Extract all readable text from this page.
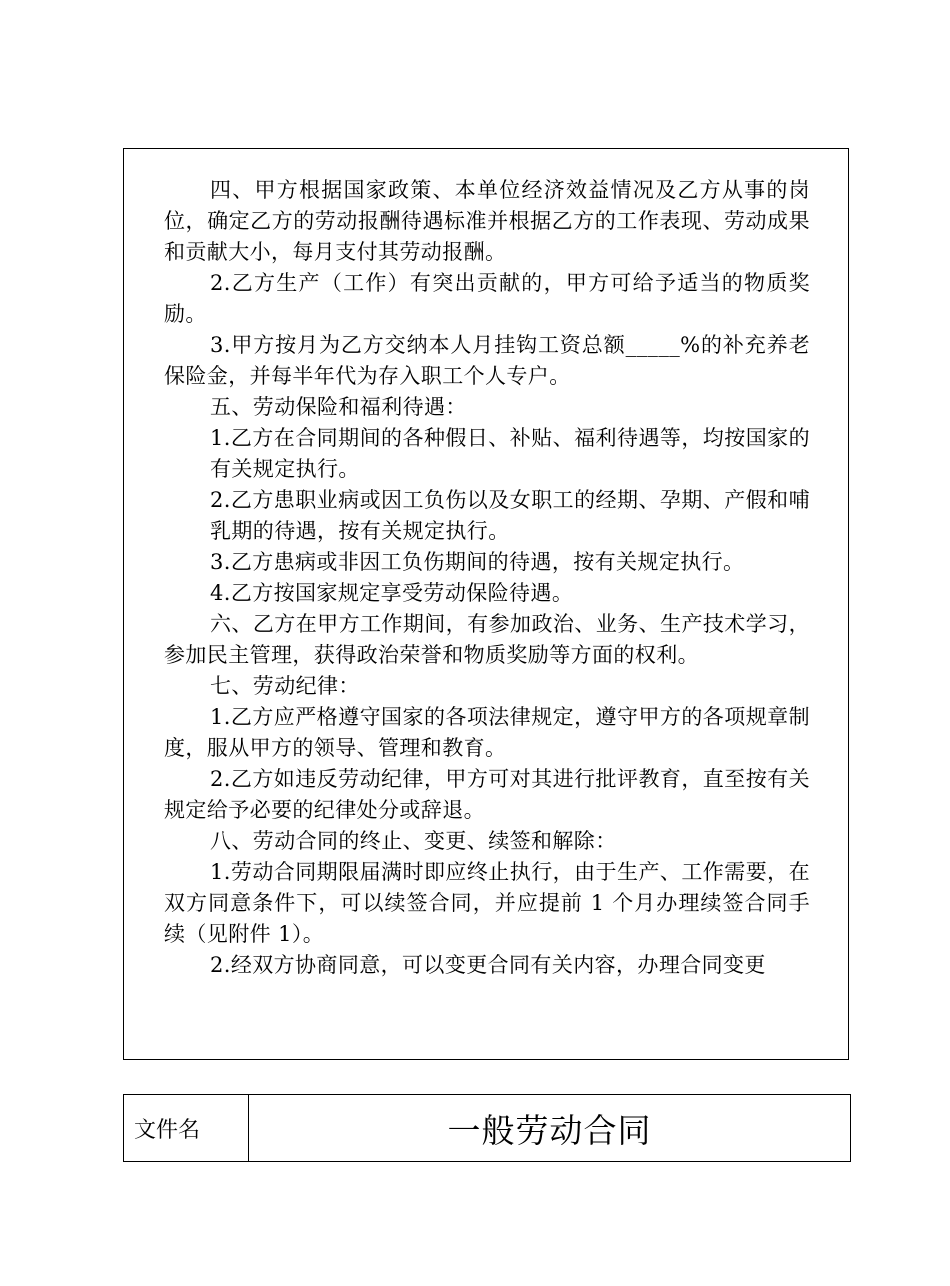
四、甲方根据国家政策、本单位经济效益情况及乙方从事的岗位，确定乙方的劳动报酬待遇标准并根据乙方的工作表现、劳动成果和贡献大小，每月支付其劳动报酬。

2.乙方生产（工作）有突出贡献的，甲方可给予适当的物质奖励。

3.甲方按月为乙方交纳本人月挂钩工资总额_____%的补充养老保险金，并每半年代为存入职工个人专户。

五、劳动保险和福利待遇：

1.乙方在合同期间的各种假日、补贴、福利待遇等，均按国家的有关规定执行。

2.乙方患职业病或因工负伤以及女职工的经期、孕期、产假和哺乳期的待遇，按有关规定执行。

3.乙方患病或非因工负伤期间的待遇，按有关规定执行。

4.乙方按国家规定享受劳动保险待遇。

六、乙方在甲方工作期间，有参加政治、业务、生产技术学习，参加民主管理，获得政治荣誉和物质奖励等方面的权利。

七、劳动纪律：

1.乙方应严格遵守国家的各项法律规定，遵守甲方的各项规章制度，服从甲方的领导、管理和教育。

2.乙方如违反劳动纪律，甲方可对其进行批评教育，直至按有关规定给予必要的纪律处分或辞退。

八、劳动合同的终止、变更、续签和解除：

1.劳动合同期限届满时即应终止执行，由于生产、工作需要，在双方同意条件下，可以续签合同，并应提前 1 个月办理续签合同手续（见附件 1）。

2.经双方协商同意，可以变更合同有关内容，办理合同变更

文件名	一般劳动合同
